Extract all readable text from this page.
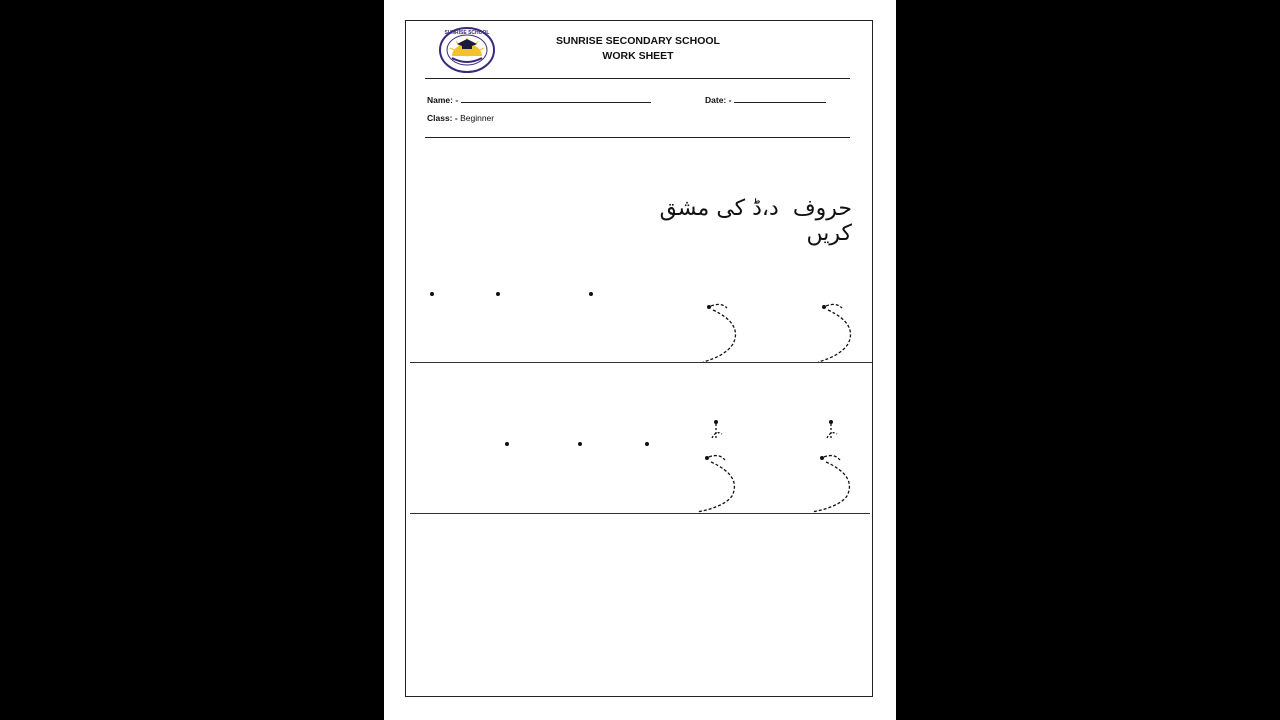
SUNRISE SCHOOL
SUNRISE SECONDARY SCHOOL
WORK SHEET
Name: -	Date: -
Class: - Beginner
حروفد،ڈ کی مشق کریں
